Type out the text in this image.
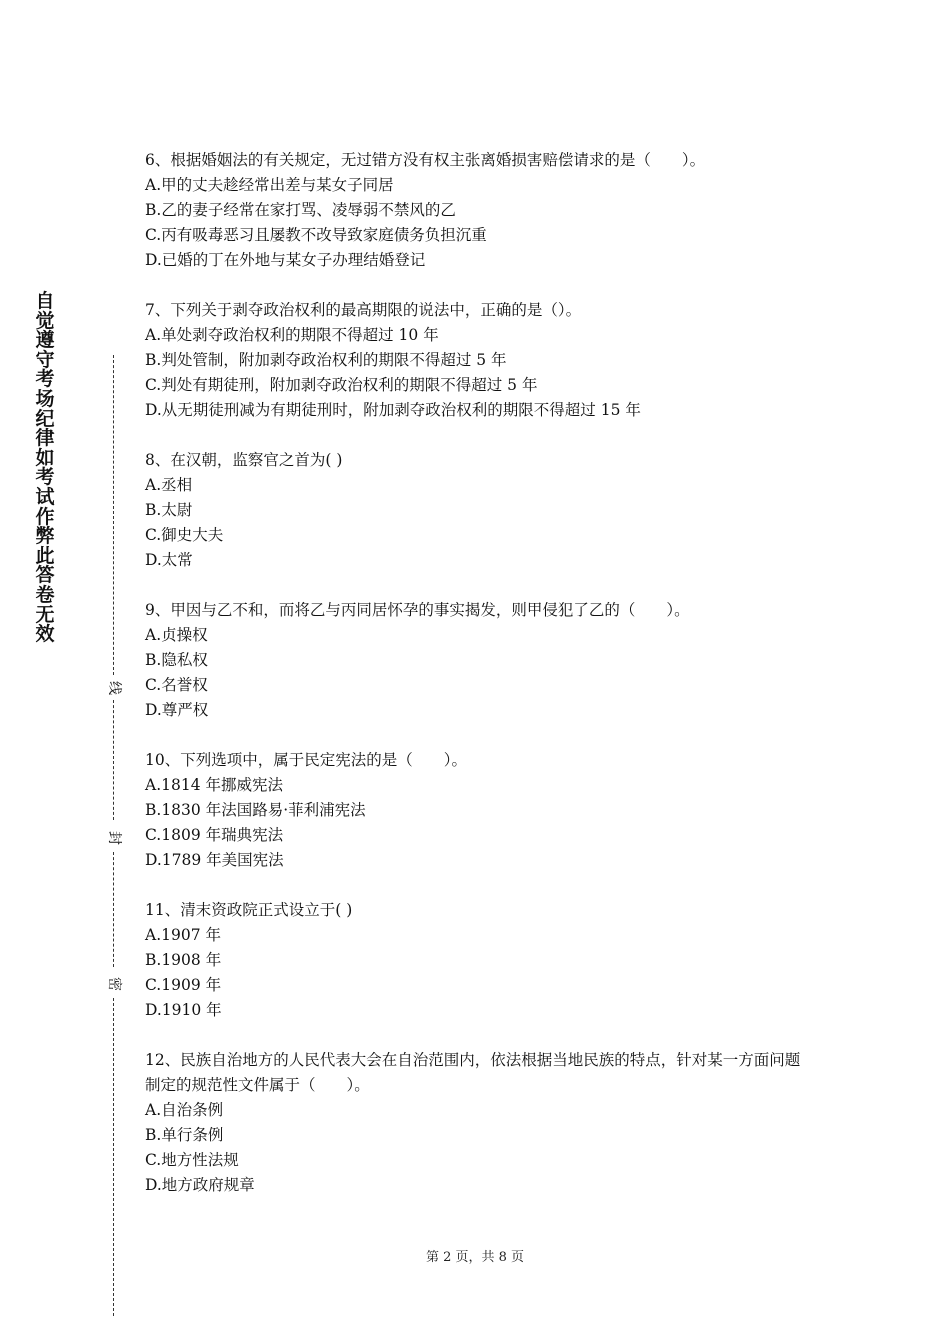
自觉遵守考场纪律如考试作弊此答卷无效
线
封
密
6、根据婚姻法的有关规定，无过错方没有权主张离婚损害赔偿请求的是（　　）。
A.甲的丈夫趁经常出差与某女子同居
B.乙的妻子经常在家打骂、凌辱弱不禁风的乙
C.丙有吸毒恶习且屡教不改导致家庭债务负担沉重
D.已婚的丁在外地与某女子办理结婚登记
7、下列关于剥夺政治权利的最高期限的说法中，正确的是（）。
A.单处剥夺政治权利的期限不得超过 10 年
B.判处管制，附加剥夺政治权利的期限不得超过 5 年
C.判处有期徒刑，附加剥夺政治权利的期限不得超过 5 年
D.从无期徒刑减为有期徒刑时，附加剥夺政治权利的期限不得超过 15 年
8、在汉朝，监察官之首为( )
A.丞相
B.太尉
C.御史大夫
D.太常
9、甲因与乙不和，而将乙与丙同居怀孕的事实揭发，则甲侵犯了乙的（　　）。
A.贞操权
B.隐私权
C.名誉权
D.尊严权
10、下列选项中，属于民定宪法的是（　　）。
A.1814 年挪威宪法
B.1830 年法国路易·菲利浦宪法
C.1809 年瑞典宪法
D.1789 年美国宪法
11、清末资政院正式设立于( )
A.1907 年
B.1908 年
C.1909 年
D.1910 年
12、民族自治地方的人民代表大会在自治范围内，依法根据当地民族的特点，针对某一方面问题制定的规范性文件属于（　　）。
A.自治条例
B.单行条例
C.地方性法规
D.地方政府规章
第 2 页，共 8 页
